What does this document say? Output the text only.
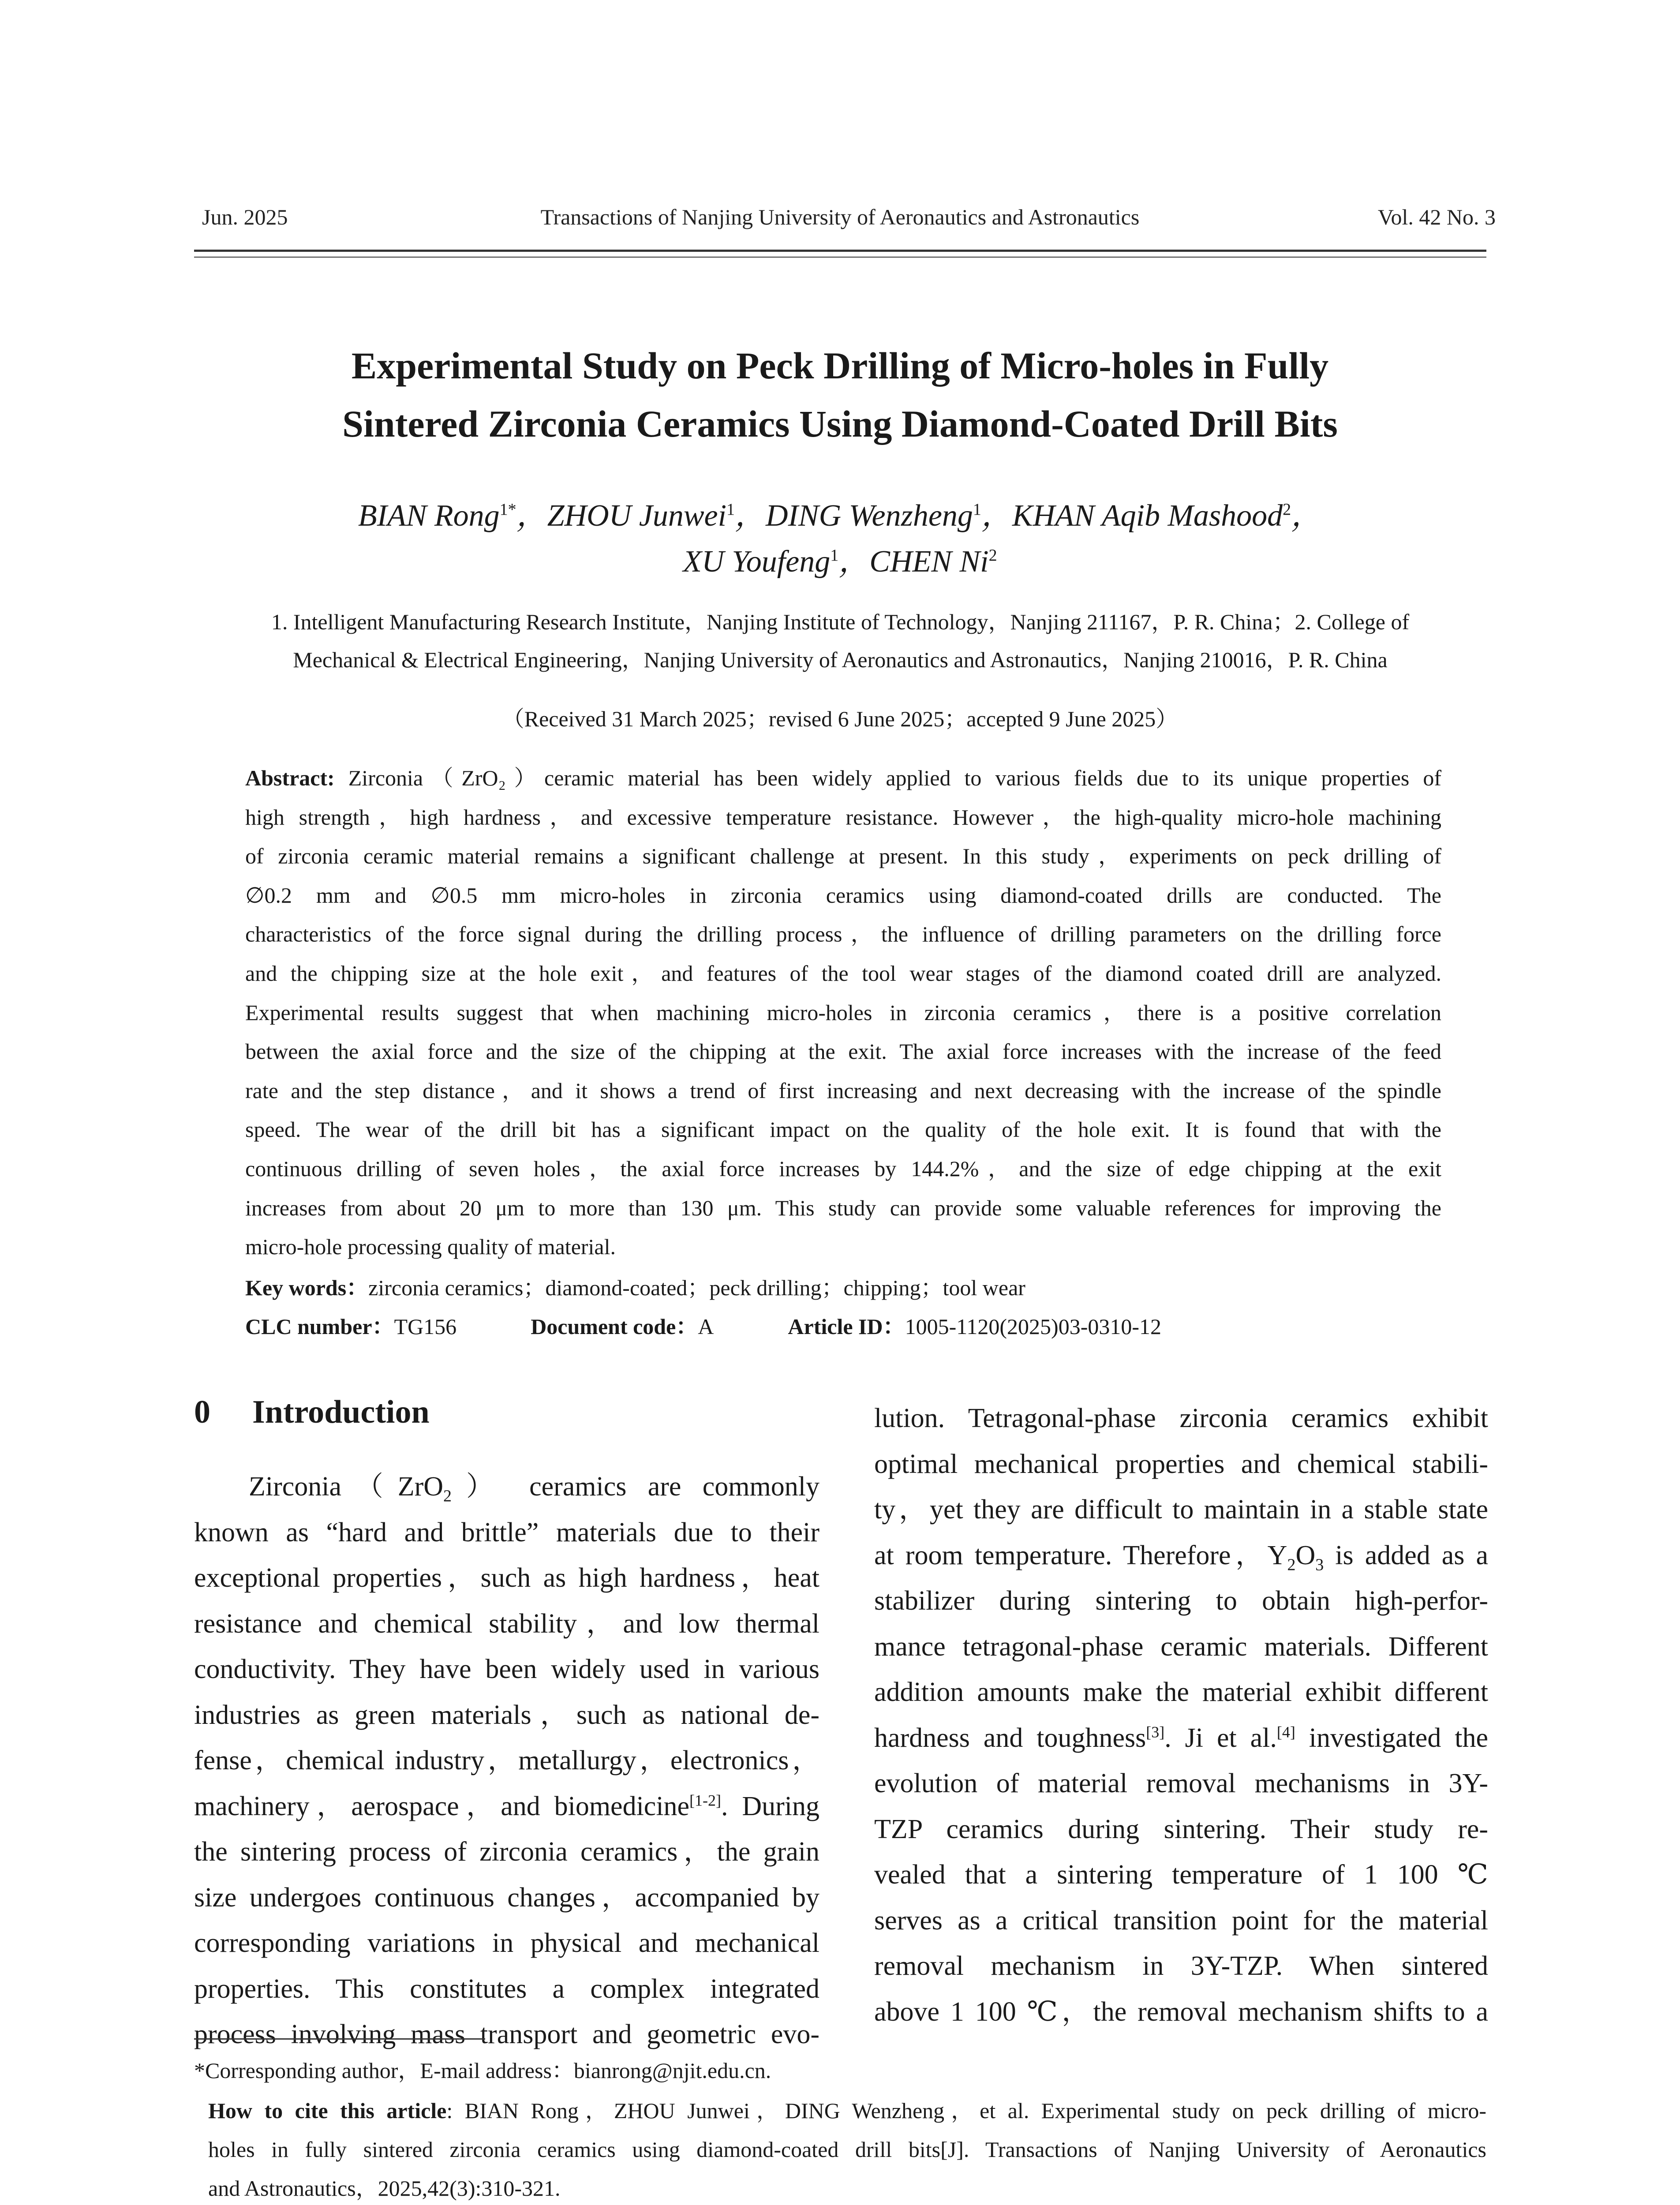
Jun. 2025	Transactions of Nanjing University of Aeronautics and Astronautics	Vol. 42 No. 3
Experimental Study on Peck Drilling of Micro-holes in Fully
Sintered Zirconia Ceramics Using Diamond-Coated Drill Bits
BIAN Rong$^{1*}$，ZHOU Junwei$^1$，DING Wenzheng$^1$，KHAN Aqib Mashood$^2$，
XU Youfeng$^1$，CHEN Ni$^2$
1. Intelligent Manufacturing Research Institute，Nanjing Institute of Technology，Nanjing 211167，P. R. China；2. College of
Mechanical & Electrical Engineering，Nanjing University of Aeronautics and Astronautics，Nanjing 210016，P. R. China
（Received 31 March 2025；revised 6 June 2025；accepted 9 June 2025）
Abstract: Zirconia（ZrO₂）ceramic material has been widely applied to various fields due to its unique properties of
high strength，high hardness，and excessive temperature resistance. However，the high-quality micro-hole machining
of zirconia ceramic material remains a significant challenge at present. In this study，experiments on peck drilling of
∅0.2 mm and ∅0.5 mm micro-holes in zirconia ceramics using diamond-coated drills are conducted. The
characteristics of the force signal during the drilling process，the influence of drilling parameters on the drilling force
and the chipping size at the hole exit，and features of the tool wear stages of the diamond coated drill are analyzed.
Experimental results suggest that when machining micro-holes in zirconia ceramics，there is a positive correlation
between the axial force and the size of the chipping at the exit. The axial force increases with the increase of the feed
rate and the step distance，and it shows a trend of first increasing and next decreasing with the increase of the spindle
speed. The wear of the drill bit has a significant impact on the quality of the hole exit. It is found that with the
continuous drilling of seven holes，the axial force increases by 144.2%，and the size of edge chipping at the exit
increases from about 20 μm to more than 130 μm. This study can provide some valuable references for improving the
micro-hole processing quality of material.
Key words：zirconia ceramics；diamond-coated；peck drilling；chipping；tool wear
CLC number：TG156	Document code：A	Article ID：1005-1120(2025)03-0310-12
0 Introduction
Zirconia（ZrO$_2$） ceramics are commonly
known as “hard and brittle” materials due to their
exceptional properties，such as high hardness，heat
resistance and chemical stability，and low thermal
conductivity. They have been widely used in various
industries as green materials，such as national de-
fense，chemical industry，metallurgy，electronics，
machinery，aerospace，and biomedicine[1-2]. During
the sintering process of zirconia ceramics，the grain
size undergoes continuous changes，accompanied by
corresponding variations in physical and mechanical
properties. This constitutes a complex integrated
process involving mass transport and geometric evo-
lution. Tetragonal-phase zirconia ceramics exhibit
optimal mechanical properties and chemical stabili-
ty，yet they are difficult to maintain in a stable state
at room temperature. Therefore，$Y_2O_3$ is added as a
stabilizer during sintering to obtain high-perfor-
mance tetragonal-phase ceramic materials. Different
addition amounts make the material exhibit different
hardness and toughness[3]. Ji et al.[4] investigated the
evolution of material removal mechanisms in 3Y-
TZP ceramics during sintering. Their study re-
vealed that a sintering temperature of 1 100 ℃
serves as a critical transition point for the material
removal mechanism in 3Y-TZP. When sintered
above 1 100 ℃，the removal mechanism shifts to a
*Corresponding author，E-mail address：bianrong@njit.edu.cn.
How to cite this article: BIAN Rong，ZHOU Junwei，DING Wenzheng，et al. Experimental study on peck drilling of micro-
holes in fully sintered zirconia ceramics using diamond-coated drill bits[J]. Transactions of Nanjing University of Aeronautics
and Astronautics，2025,42(3):310-321.
